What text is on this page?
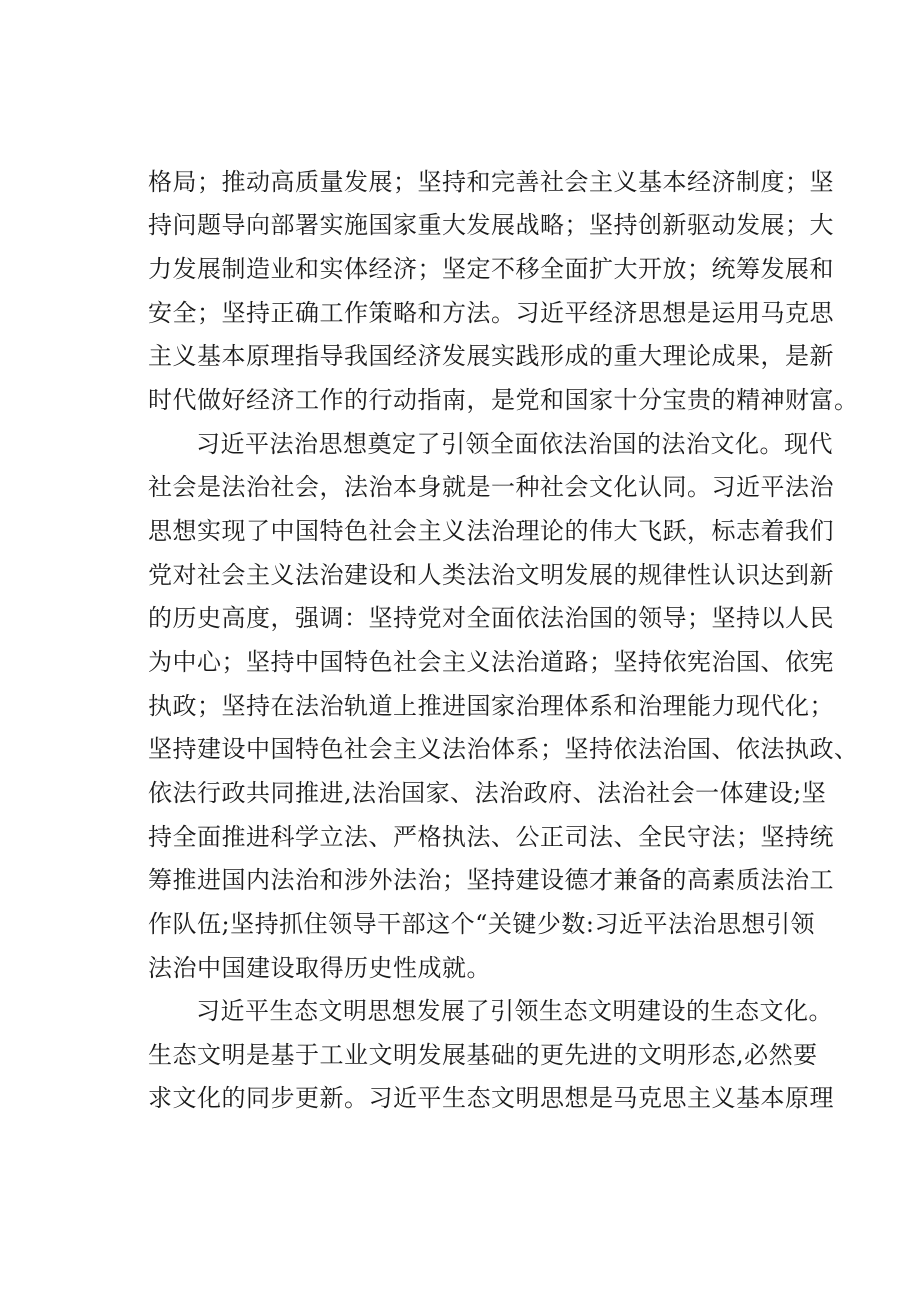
格局；推动高质量发展；坚持和完善社会主义基本经济制度；坚
持问题导向部署实施国家重大发展战略；坚持创新驱动发展；大
力发展制造业和实体经济；坚定不移全面扩大开放；统筹发展和
安全；坚持正确工作策略和方法。习近平经济思想是运用马克思
主义基本原理指导我国经济发展实践形成的重大理论成果，是新
时代做好经济工作的行动指南，是党和国家十分宝贵的精神财富。
习近平法治思想奠定了引领全面依法治国的法治文化。现代
社会是法治社会，法治本身就是一种社会文化认同。习近平法治
思想实现了中国特色社会主义法治理论的伟大飞跃，标志着我们
党对社会主义法治建设和人类法治文明发展的规律性认识达到新
的历史高度，强调：坚持党对全面依法治国的领导；坚持以人民
为中心；坚持中国特色社会主义法治道路；坚持依宪治国、依宪
执政；坚持在法治轨道上推进国家治理体系和治理能力现代化；
坚持建设中国特色社会主义法治体系；坚持依法治国、依法执政、
依法行政共同推进,法治国家、法治政府、法治社会一体建设;坚
持全面推进科学立法、严格执法、公正司法、全民守法；坚持统
筹推进国内法治和涉外法治；坚持建设德才兼备的高素质法治工
作队伍;坚持抓住领导干部这个“关键少数:习近平法治思想引领
法治中国建设取得历史性成就。
习近平生态文明思想发展了引领生态文明建设的生态文化。
生态文明是基于工业文明发展基础的更先进的文明形态,必然要
求文化的同步更新。习近平生态文明思想是马克思主义基本原理
